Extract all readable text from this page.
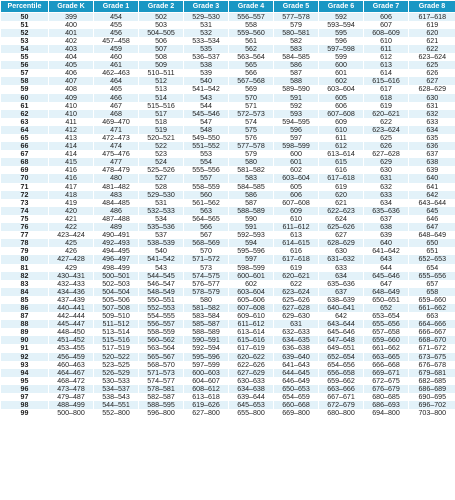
Percentile	Grade K	Grade 1	Grade 2	Grade 3	Grade 4	Grade 5	Grade 6	Grade 7	Grade 8
50	399	454	502	529–530	556–557	577–578	592	606	617–618
51	400	455	503	531	558	579	593–594	607	619
52	401	456	504–505	532	559–560	580–581	595	608–609	620
53	402	457–458	506	533–534	561	582	596	610	621
54	403	459	507	535	562	583	597–598	611	622
55	404	460	508	536–537	563–564	584–585	599	612	623–624
56	405	461	509	538	565	586	600	613	625
57	406	462–463	510–511	539	566	587	601	614	626
58	407	464	512	540	567–568	588	602	615–616	627
59	408	465	513	541–542	569	589–590	603–604	617	628–629
60	409	466	514	543	570	591	605	618	630
61	410	467	515–516	544	571	592	606	619	631
62	410	468	517	545–546	572–573	593	607–608	620–621	632
63	411	469–470	518	547	574	594–595	609	622	633
64	412	471	519	548	575	596	610	623–624	634
65	413	472–473	520–521	549–550	576	597	611	625	635
66	414	474	522	551–552	577–578	598–599	612	626	636
67	414	475–476	523	553	579	600	613–614	627–628	637
68	415	477	524	554	580	601	615	629	638
69	416	478–479	525–526	555–556	581–582	602	616	630	639
70	416	480	527	557	583	603–604	617–618	631	640
71	417	481–482	528	558–559	584–585	605	619	632	641
72	418	483	529–530	560	586	606	620	633	642
73	419	484–485	531	561–562	587	607–608	621	634	643–644
74	420	486	532–533	563	588–589	609	622–623	635–636	645
75	421	487–488	534	564–565	590	610	624	637	646
76	422	489	535–536	566	591	611–612	625–626	638	647
77	423–424	490–491	537	567	592–593	613	627	639	648–649
78	425	492–493	538–539	568–569	594	614–615	628–629	640	650
79	426	494–495	540	570	595–596	616	630	641–642	651
80	427–428	496–497	541–542	571–572	597	617–618	631–632	643	652–653
81	429	498–499	543	573	598–599	619	633	644	654
82	430–431	500–501	544–545	574–575	600–601	620–621	634	645–646	655–656
83	432–433	502–503	546–547	576–577	602	622	635–636	647	657
84	434–436	504–504	548–549	578–579	603–604	623–624	637	648–649	658
85	437–439	505–506	550–551	580	605–606	625–626	638–639	650–651	659–660
86	440–441	507–508	552–553	581–582	607–608	627–628	640–641	652	661–662
87	442–444	509–510	554–555	583–584	609–610	629–630	642	653–654	663
88	445–447	511–512	556–557	585–587	611–612	631	643–644	655–656	664–666
89	448–450	513–514	558–559	588–589	613–614	632–633	645–646	657–658	666–667
90	451–452	515–516	560–562	590–591	615–616	634–635	647–648	659–660	668–670
91	453–455	517–519	563–564	592–594	617–619	636–638	649–651	661–662	671–672
92	456–459	520–522	565–567	595–596	620–622	639–640	652–654	663–665	673–675
93	460–463	523–525	568–570	597–599	622–626	641–643	654–656	666–668	676–678
94	464–467	526–529	571–573	600–603	627–629	644–645	656–658	669–671	679–681
95	468–472	530–533	574–577	604–607	630–633	646–649	659–662	672–675	682–685
96	473–478	534–537	578–581	608–612	634–638	650–653	663–666	676–679	686–689
97	479–487	538–543	582–587	613–618	639–644	654–659	667–671	680–685	690–695
98	488–499	544–551	588–595	619–626	645–653	660–668	672–679	686–693	696–702
99	500–800	552–800	596–800	627–800	655–800	669–800	680–800	694–800	703–800
